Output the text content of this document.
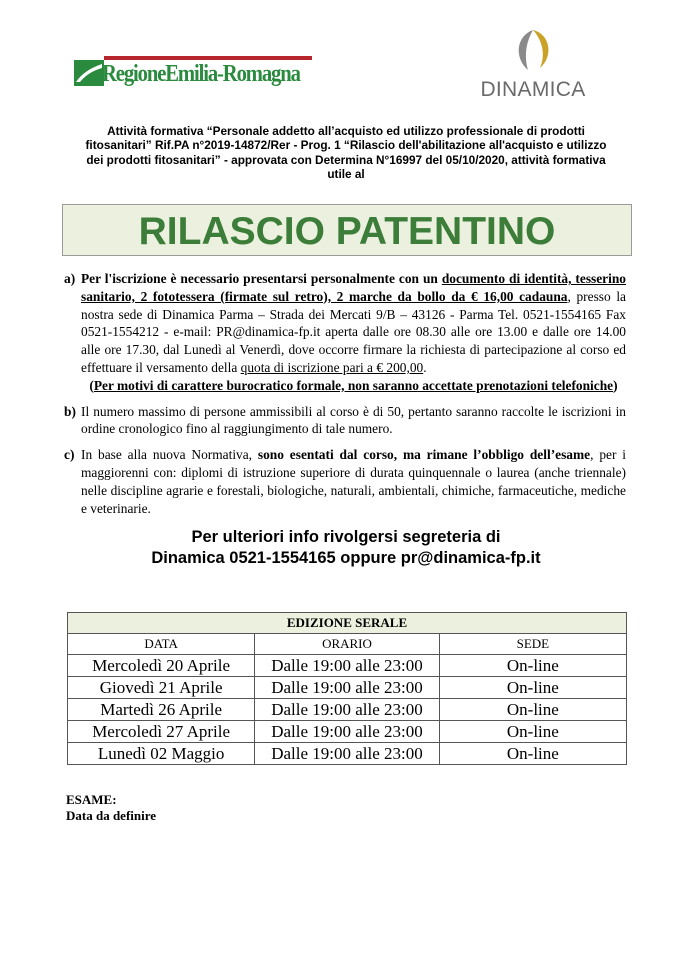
RegioneEmilia-Romagna
DINAMICA
Attività formativa “Personale addetto all’acquisto ed utilizzo professionale di prodotti fitosanitari” Rif.PA n°2019-14872/Rer - Prog. 1 “Rilascio dell'abilitazione all'acquisto e utilizzo dei prodotti fitosanitari” - approvata con Determina N°16997 del 05/10/2020, attività formativa utile al
RILASCIO PATENTINO
a) Per l'iscrizione è necessario presentarsi personalmente con un documento di identità, tesserino sanitario, 2 fototessera (firmate sul retro), 2 marche da bollo da € 16,00 cadauna, presso la nostra sede di Dinamica Parma – Strada dei Mercati 9/B – 43126 - Parma Tel. 0521-1554165 Fax 0521-1554212 - e-mail: PR@dinamica-fp.it aperta dalle ore 08.30 alle ore 13.00 e dalle ore 14.00 alle ore 17.30, dal Lunedì al Venerdì, dove occorre firmare la richiesta di partecipazione al corso ed effettuare il versamento della quota di iscrizione pari a € 200,00.
(Per motivi di carattere burocratico formale, non saranno accettate prenotazioni telefoniche)
b) Il numero massimo di persone ammissibili al corso è di 50, pertanto saranno raccolte le iscrizioni in ordine cronologico fino al raggiungimento di tale numero.
c) In base alla nuova Normativa, sono esentati dal corso, ma rimane l’obbligo dell’esame, per i maggiorenni con: diplomi di istruzione superiore di durata quinquennale o laurea (anche triennale) nelle discipline agrarie e forestali, biologiche, naturali, ambientali, chimiche, farmaceutiche, mediche e veterinarie.
Per ulteriori info rivolgersi segreteria di
Dinamica 0521-1554165 oppure pr@dinamica-fp.it
EDIZIONE SERALE		
DATA	ORARIO	SEDE
Mercoledì 20 Aprile	Dalle 19:00 alle 23:00	On-line
Giovedì 21 Aprile	Dalle 19:00 alle 23:00	On-line
Martedì 26 Aprile	Dalle 19:00 alle 23:00	On-line
Mercoledì 27 Aprile	Dalle 19:00 alle 23:00	On-line
Lunedì 02 Maggio	Dalle 19:00 alle 23:00	On-line
ESAME:
Data da definire
